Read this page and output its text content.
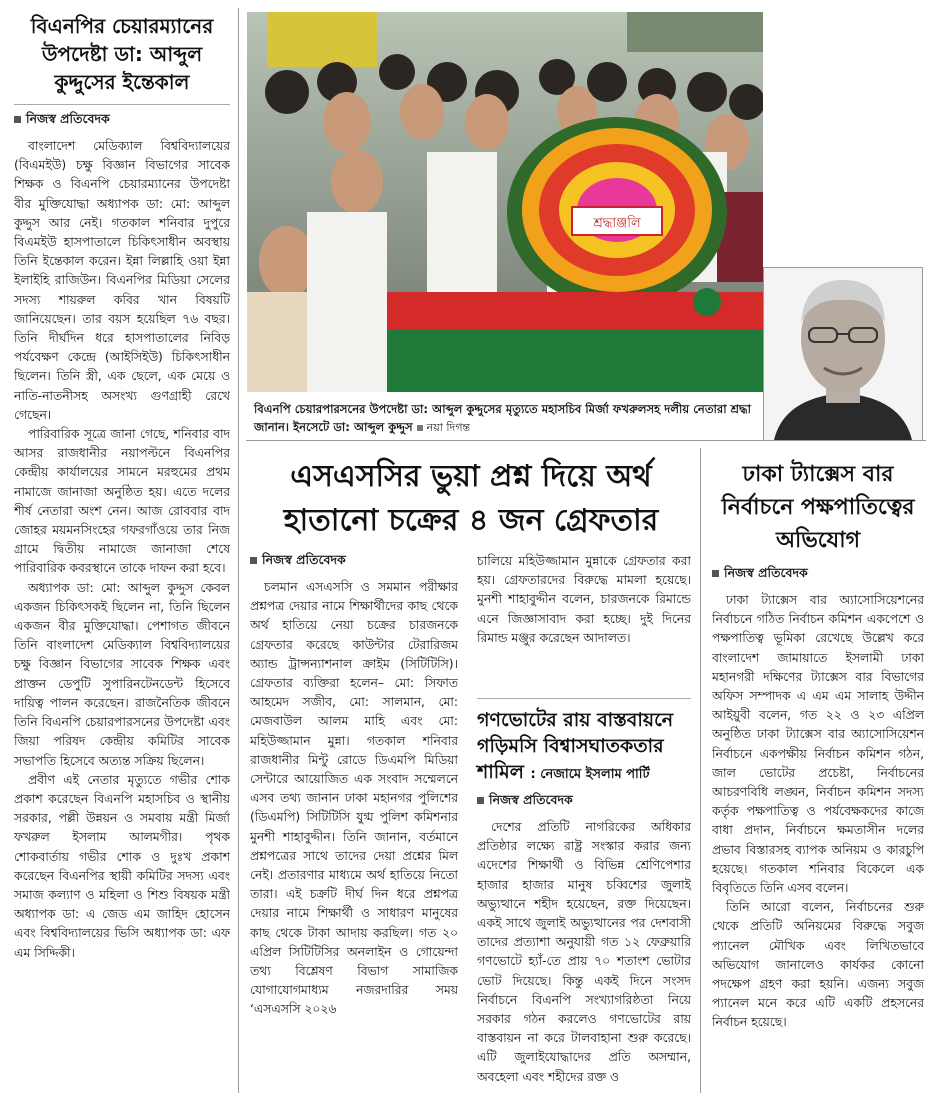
বিএনপির চেয়ারম্যানের উপদেষ্টা ডা: আব্দুল কুদ্দুসের ইন্তেকাল
নিজস্ব প্রতিবেদক

বাংলাদেশ মেডিক্যাল বিশ্ববিদ্যালয়ের (বিএমইউ) চক্ষু বিজ্ঞান বিভাগের সাবেক শিক্ষক ও বিএনপি চেয়ারম্যানের উপদেষ্টা বীর মুক্তিযোদ্ধা অধ্যাপক ডা: মো: আব্দুল কুদ্দুস আর নেই। গতকাল শনিবার দুপুরে বিএমইউ হাসপাতালে চিকিৎসাধীন অবস্থায় তিনি ইন্তেকাল করেন। ইন্না লিল্লাহি ওয়া ইন্না ইলাইহি রাজিউন। বিএনপির মিডিয়া সেলের সদস্য শায়রুল কবির খান বিষয়টি জানিয়েছেন। তার বয়স হয়েছিল ৭৬ বছর। তিনি দীর্ঘদিন ধরে হাসপাতালের নিবিড় পর্যবেক্ষণ কেন্দ্রে (আইসিইউ) চিকিৎসাধীন ছিলেন। তিনি স্ত্রী, এক ছেলে, এক মেয়ে ও নাতি-নাতনীসহ অসংখ্য গুণগ্রাহী রেখে গেছেন।

পারিবারিক সূত্রে জানা গেছে, শনিবার বাদ আসর রাজধানীর নয়াপল্টনে বিএনপির কেন্দ্রীয় কার্যালয়ের সামনে মরহুমের প্রথম নামাজে জানাজা অনুষ্ঠিত হয়। এতে দলের শীর্ষ নেতারা অংশ নেন। আজ রোববার বাদ জোহর ময়মনসিংহের গফরগাঁওয়ে তার নিজ গ্রামে দ্বিতীয় নামাজে জানাজা শেষে পারিবারিক কবরস্থানে তাকে দাফন করা হবে।

অধ্যাপক ডা: মো: আব্দুল কুদ্দুস কেবল একজন চিকিৎসকই ছিলেন না, তিনি ছিলেন একজন বীর মুক্তিযোদ্ধা। পেশাগত জীবনে তিনি বাংলাদেশ মেডিক্যাল বিশ্ববিদ্যালয়ের চক্ষু বিজ্ঞান বিভাগের সাবেক শিক্ষক এবং প্রাক্তন ডেপুটি সুপারিনটেনডেন্ট হিসেবে দায়িত্ব পালন করেছেন। রাজনৈতিক জীবনে তিনি বিএনপি চেয়ারপারসনের উপদেষ্টা এবং জিয়া পরিষদ কেন্দ্রীয় কমিটির সাবেক সভাপতি হিসেবে অত্যন্ত সক্রিয় ছিলেন।

প্রবীণ এই নেতার মৃত্যুতে গভীর শোক প্রকাশ করেছেন বিএনপি মহাসচিব ও স্থানীয় সরকার, পল্লী উন্নয়ন ও সমবায় মন্ত্রী মির্জা ফখরুল ইসলাম আলমগীর। পৃথক শোকবার্তায় গভীর শোক ও দুঃখ প্রকাশ করেছেন বিএনপির স্থায়ী কমিটির সদস্য এবং সমাজ কল্যাণ ও মহিলা ও শিশু বিষয়ক মন্ত্রী অধ্যাপক ডা: এ জেড এম জাহিদ হোসেন এবং বিশ্ববিদ্যালয়ের ভিসি অধ্যাপক ডা: এফ এম সিদ্দিকী।

শ্রদ্ধাঞ্জলি
বিএনপি চেয়ারপারসনের উপদেষ্টা ডা: আব্দুল কুদ্দুসের মৃত্যুতে মহাসচিব মির্জা ফখরুলসহ দলীয় নেতারা শ্রদ্ধা জানান। ইনসেটে ডা: আব্দুল কুদ্দুস নয়া দিগন্ত
এসএসসির ভুয়া প্রশ্ন দিয়ে অর্থ হাতানো চক্রের ৪ জন গ্রেফতার
নিজস্ব প্রতিবেদক

চলমান এসএসসি ও সমমান পরীক্ষার প্রশ্নপত্র দেয়ার নামে শিক্ষার্থীদের কাছ থেকে অর্থ হাতিয়ে নেয়া চক্রের চারজনকে গ্রেফতার করেছে কাউন্টার টেরারিজম অ্যান্ড ট্রান্সন্যাশনাল ক্রাইম (সিটিটিসি)। গ্রেফতার ব্যক্তিরা হলেন– মো: সিফাত আহমেদ সজীব, মো: সালমান, মো: মেজবাউল আলম মাহি এবং মো: মহিউজ্জামান মুন্না। গতকাল শনিবার রাজধানীর মিন্টু রোডে ডিএমপি মিডিয়া সেন্টারে আয়োজিত এক সংবাদ সম্মেলনে এসব তথ্য জানান ঢাকা মহানগর পুলিশের (ডিএমপি) সিটিটিসি যুগ্ম পুলিশ কমিশনার মুনশী শাহাবুদ্দীন। তিনি জানান, বর্তমানে প্রশ্নপত্রের সাথে তাদের দেয়া প্রশ্নের মিল নেই। প্রতারণার মাধ্যমে অর্থ হাতিয়ে নিতো তারা। এই চক্রটি দীর্ঘ দিন ধরে প্রশ্নপত্র দেয়ার নামে শিক্ষার্থী ও সাধারণ মানুষের কাছ থেকে টাকা আদায় করছিল। গত ২০ এপ্রিল সিটিটিসির অনলাইন ও গোয়েন্দা তথ্য বিশ্লেষণ বিভাগ সামাজিক যোগাযোগমাধ্যম নজরদারির সময় ‘এসএসসি ২০২৬

চালিয়ে মহিউজ্জামান মুন্নাকে গ্রেফতার করা হয়। গ্রেফতারদের বিরুদ্ধে মামলা হয়েছে। মুনশী শাহাবুদ্দীন বলেন, চারজনকে রিমান্ডে এনে জিজ্ঞাসাবাদ করা হচ্ছে। দুই দিনের রিমান্ড মঞ্জুর করেছেন আদালত।

গণভোটের রায় বাস্তবায়নে গড়িমসি বিশ্বাসঘাতকতার শামিল : নেজামে ইসলাম পার্টি
নিজস্ব প্রতিবেদক

দেশের প্রতিটি নাগরিকের অধিকার প্রতিষ্ঠার লক্ষ্যে রাষ্ট্র সংস্কার করার জন্য এদেশের শিক্ষার্থী ও বিভিন্ন শ্রেণিপেশার হাজার হাজার মানুষ চব্বিশের জুলাই অভ্যুত্থানে শহীদ হয়েছেন, রক্ত দিয়েছেন। একই সাথে জুলাই অভ্যুত্থানের পর দেশবাসী তাদের প্রত্যাশা অনুযায়ী গত ১২ ফেব্রুয়ারি গণভোটে হ্যাঁ-তে প্রায় ৭০ শতাংশ ভোটার ভোট দিয়েছে। কিন্তু একই দিনে সংসদ নির্বাচনে বিএনপি সংখ্যাগরিষ্ঠতা নিয়ে সরকার গঠন করলেও গণভোটের রায় বাস্তবায়ন না করে টালবাহানা শুরু করেছে। এটি জুলাইযোদ্ধাদের প্রতি অসম্মান, অবহেলা এবং শহীদের রক্ত ও

ঢাকা ট্যাক্সেস বার নির্বাচনে পক্ষপাতিত্বের অভিযোগ
নিজস্ব প্রতিবেদক

ঢাকা ট্যাক্সেস বার অ্যাসোসিয়েশনের নির্বাচনে গঠিত নির্বাচন কমিশন একপেশে ও পক্ষপাতিত্ব ভূমিকা রেখেছে উল্লেখ করে বাংলাদেশ জামায়াতে ইসলামী ঢাকা মহানগরী দক্ষিণের ট্যাক্সেস বার বিভাগের অফিস সম্পাদক এ এম এম সালাহ উদ্দীন আইয়ুবী বলেন, গত ২২ ও ২৩ এপ্রিল অনুষ্ঠিত ঢাকা ট্যাক্সেস বার অ্যাসোসিয়েশন নির্বাচনে একপক্ষীয় নির্বাচন কমিশন গঠন, জাল ভোটের প্রচেষ্টা, নির্বাচনের আচরণবিধি লঙ্ঘন, নির্বাচন কমিশন সদস্য কর্তৃক পক্ষপাতিত্ব ও পর্যবেক্ষকদের কাজে বাধা প্রদান, নির্বাচনে ক্ষমতাসীন দলের প্রভাব বিস্তারসহ ব্যাপক অনিয়ম ও কারচুপি হয়েছে। গতকাল শনিবার বিকেলে এক বিবৃতিতে তিনি এসব বলেন।

তিনি আরো বলেন, নির্বাচনের শুরু থেকে প্রতিটি অনিয়মের বিরুদ্ধে সবুজ প্যানেল মৌখিক এবং লিখিতভাবে অভিযোগ জানালেও কার্যকর কোনো পদক্ষেপ গ্রহণ করা হয়নি। এজন্য সবুজ প্যানেল মনে করে এটি একটি প্রহসনের নির্বাচন হয়েছে।
